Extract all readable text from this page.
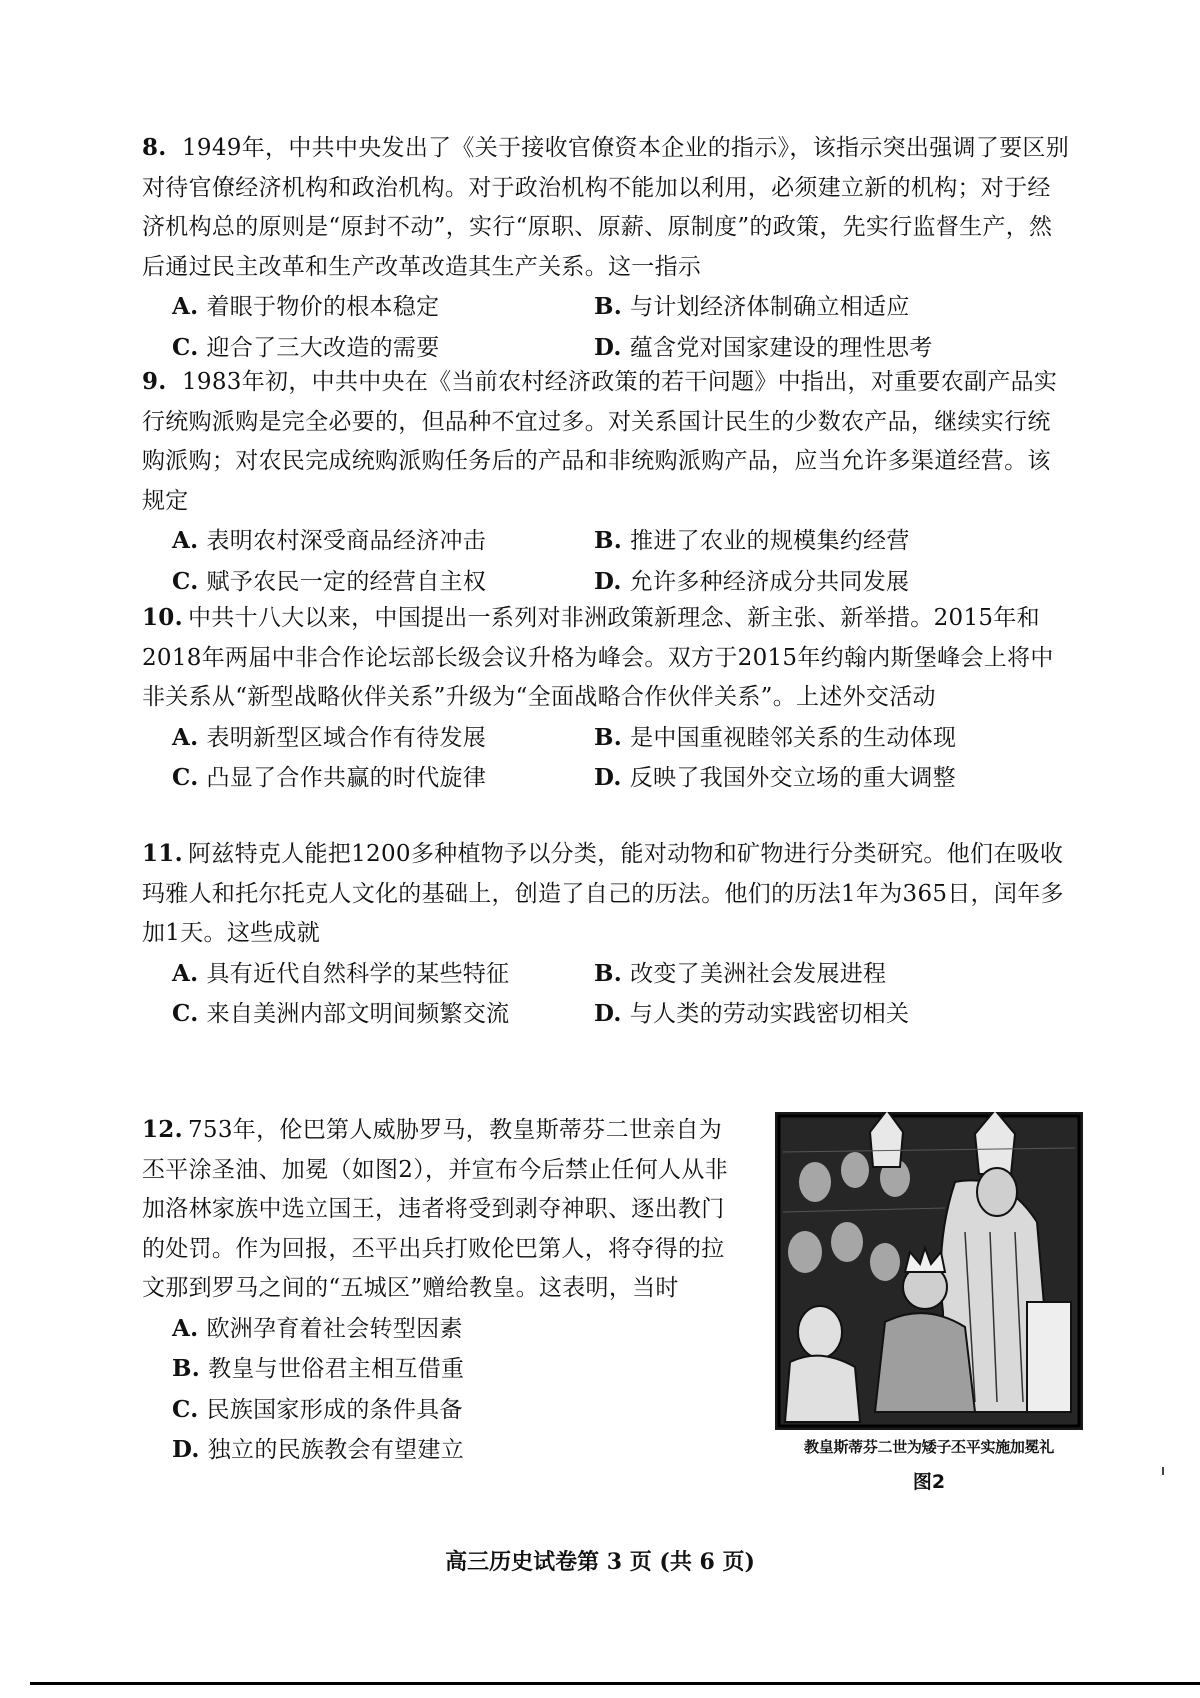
8. 1949年，中共中央发出了《关于接收官僚资本企业的指示》，该指示突出强调了要区别对待官僚经济机构和政治机构。对于政治机构不能加以利用，必须建立新的机构；对于经济机构总的原则是“原封不动”，实行“原职、原薪、原制度”的政策，先实行监督生产，然后通过民主改革和生产改革改造其生产关系。这一指示
A. 着眼于物价的根本稳定	B. 与计划经济体制确立相适应
C. 迎合了三大改造的需要	D. 蕴含党对国家建设的理性思考
9. 1983年初，中共中央在《当前农村经济政策的若干问题》中指出，对重要农副产品实行统购派购是完全必要的，但品种不宜过多。对关系国计民生的少数农产品，继续实行统购派购；对农民完成统购派购任务后的产品和非统购派购产品，应当允许多渠道经营。该规定
A. 表明农村深受商品经济冲击	B. 推进了农业的规模集约经营
C. 赋予农民一定的经营自主权	D. 允许多种经济成分共同发展
10. 中共十八大以来，中国提出一系列对非洲政策新理念、新主张、新举措。2015年和2018年两届中非合作论坛部长级会议升格为峰会。双方于2015年约翰内斯堡峰会上将中非关系从“新型战略伙伴关系”升级为“全面战略合作伙伴关系”。上述外交活动
A. 表明新型区域合作有待发展	B. 是中国重视睦邻关系的生动体现
C. 凸显了合作共赢的时代旋律	D. 反映了我国外交立场的重大调整
11. 阿兹特克人能把1200多种植物予以分类，能对动物和矿物进行分类研究。他们在吸收玛雅人和托尔托克人文化的基础上，创造了自己的历法。他们的历法1年为365日，闰年多加1天。这些成就
A. 具有近代自然科学的某些特征	B. 改变了美洲社会发展进程
C. 来自美洲内部文明间频繁交流	D. 与人类的劳动实践密切相关
12. 753年，伦巴第人威胁罗马，教皇斯蒂芬二世亲自为丕平涂圣油、加冕（如图2），并宣布今后禁止任何人从非加洛林家族中选立国王，违者将受到剥夺神职、逐出教门的处罚。作为回报，丕平出兵打败伦巴第人，将夺得的拉文那到罗马之间的“五城区”赠给教皇。这表明，当时
A. 欧洲孕育着社会转型因素
B. 教皇与世俗君主相互借重
C. 民族国家形成的条件具备
D. 独立的民族教会有望建立	教皇斯蒂芬二世为矮子丕平实施加冕礼
图2
高三历史试卷第 3 页 (共 6 页)
